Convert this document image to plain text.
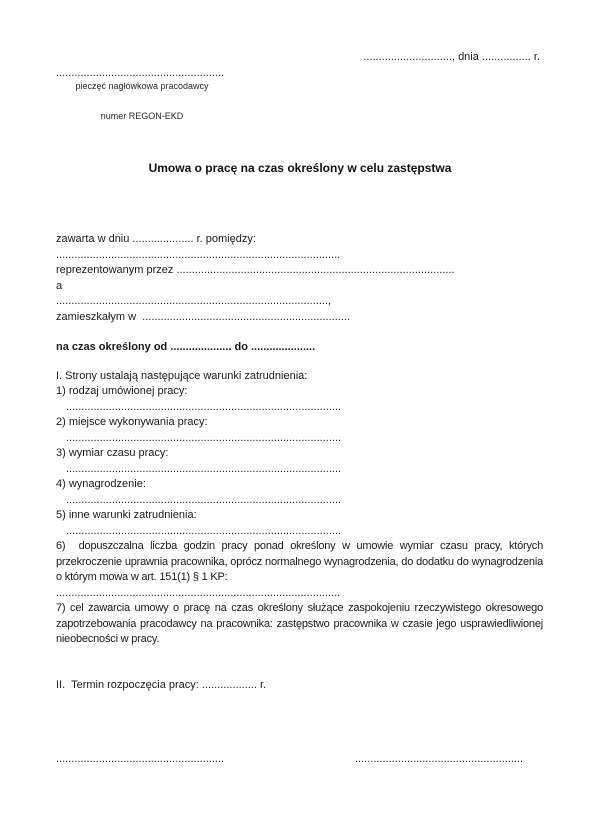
............................., dnia ................ r.
.......................................................
pieczęć nagłówkowa pracodawcy
numer REGON-EKD
Umowa o pracę na czas określony w celu zastępstwa
zawarta w dniu .................... r. pomiędzy:
.............................................................................................
reprezentowanym przez ...........................................................................................
a
.........................................................................................,
zamieszkałym w  ....................................................................
na czas określony od .................... do .....................
I. Strony ustalają następujące warunki zatrudnienia:
1) rodzaj umówionej pracy:
..........................................................................................
2) miejsce wykonywania pracy:
..........................................................................................
3) wymiar czasu pracy:
..........................................................................................
4) wynagrodzenie:
..........................................................................................
5) inne warunki zatrudnienia:
..........................................................................................

6)  dopuszczalna liczba godzin pracy ponad określony w umowie wymiar czasu pracy, których przekroczenie uprawnia pracownika, oprócz normalnego wynagrodzenia, do dodatku do wynagrodzenia o którym mowa w art. 151(1) § 1 KP:

.............................................................................................

7) cel zawarcia umowy o pracę na czas określony służące zaspokojeniu rzeczywistego okresowego zapotrzebowania pracodawcy na pracownika: zastępstwo pracownika w czasie jego usprawiedliwionej nieobecności w pracy.

II.  Termin rozpoczęcia pracy: .................. r.
.......................................................	.......................................................
